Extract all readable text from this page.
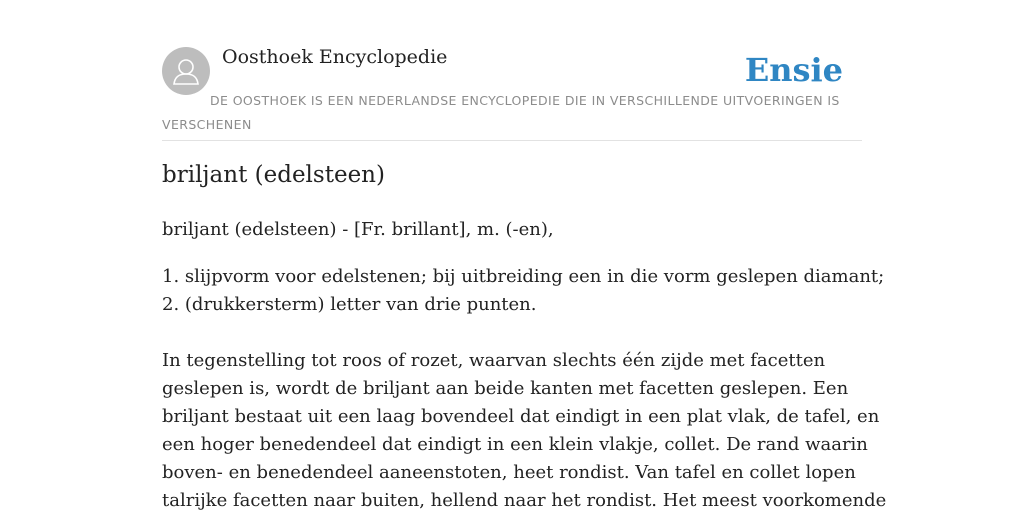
Oosthoek Encyclopedie	Ensie
DE OOSTHOEK IS EEN NEDERLANDSE ENCYCLOPEDIE DIE IN VERSCHILLENDE UITVOERINGEN IS VERSCHENEN
briljant (edelsteen)

briljant (edelsteen) - [Fr. brillant], m. (-en),

1. slijpvorm voor edelstenen; bij uitbreiding een in die vorm geslepen diamant;
2. (drukkersterm) letter van drie punten.

In tegenstelling tot roos of rozet, waarvan slechts één zijde met facetten
geslepen is, wordt de briljant aan beide kanten met facetten geslepen. Een
briljant bestaat uit een laag bovendeel dat eindigt in een plat vlak, de tafel, en
een hoger benedendeel dat eindigt in een klein vlakje, collet. De rand waarin
boven- en benedendeel aaneenstoten, heet rondist. Van tafel en collet lopen
talrijke facetten naar buiten, hellend naar het rondist. Het meest voorkomende
